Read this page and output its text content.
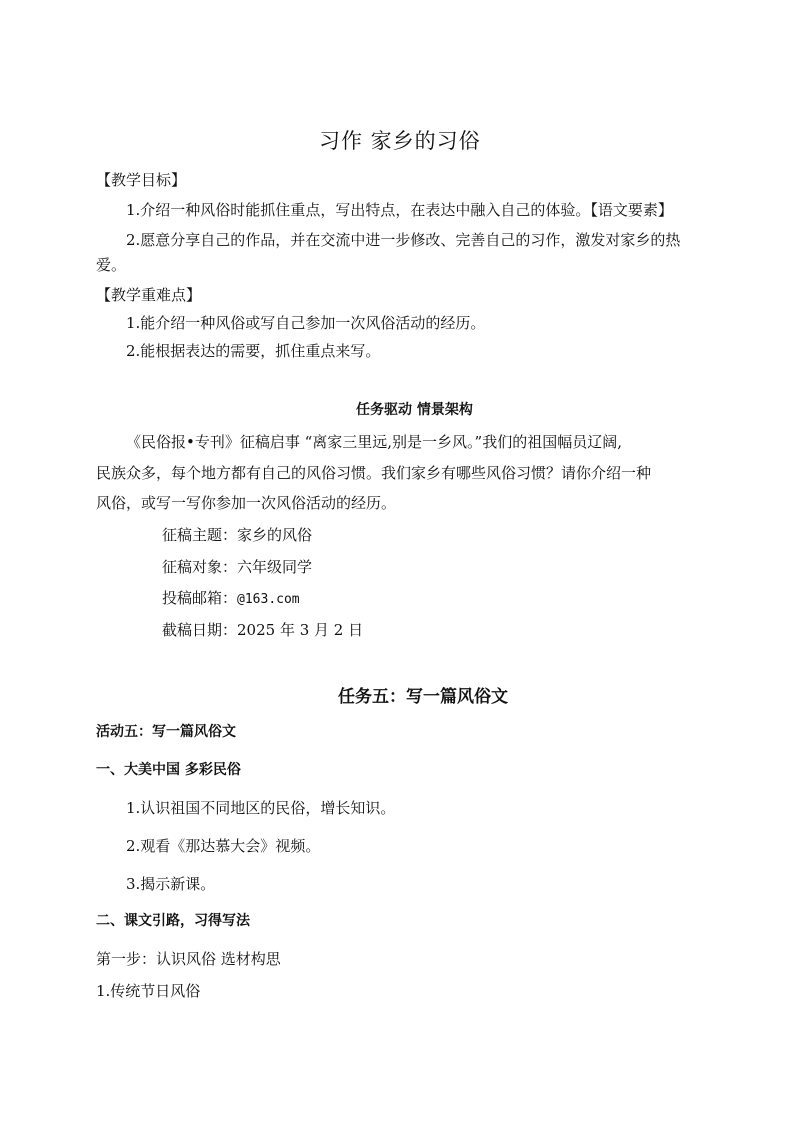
习作 家乡的习俗
【教学目标】
1.介绍一种风俗时能抓住重点，写出特点，在表达中融入自己的体验。【语文要素】
2.愿意分享自己的作品，并在交流中进一步修改、完善自己的习作，激发对家乡的热
爱。
【教学重难点】
1.能介绍一种风俗或写自己参加一次风俗活动的经历。
2.能根据表达的需要，抓住重点来写。
任务驱动 情景架构
《民俗报•专刊》征稿启事 “离家三里远,别是一乡风。”我们的祖国幅员辽阔,
民族众多，每个地方都有自己的风俗习惯。我们家乡有哪些风俗习惯？请你介绍一种
风俗，或写一写你参加一次风俗活动的经历。
征稿主题：家乡的风俗
征稿对象：六年级同学
投稿邮箱：@163.com
截稿日期：2025 年 3 月 2 日
任务五：写一篇风俗文
活动五：写一篇风俗文
一、大美中国 多彩民俗
1.认识祖国不同地区的民俗，增长知识。
2.观看《那达慕大会》视频。
3.揭示新课。
二、课文引路，习得写法
第一步：认识风俗 选材构思
1.传统节日风俗
